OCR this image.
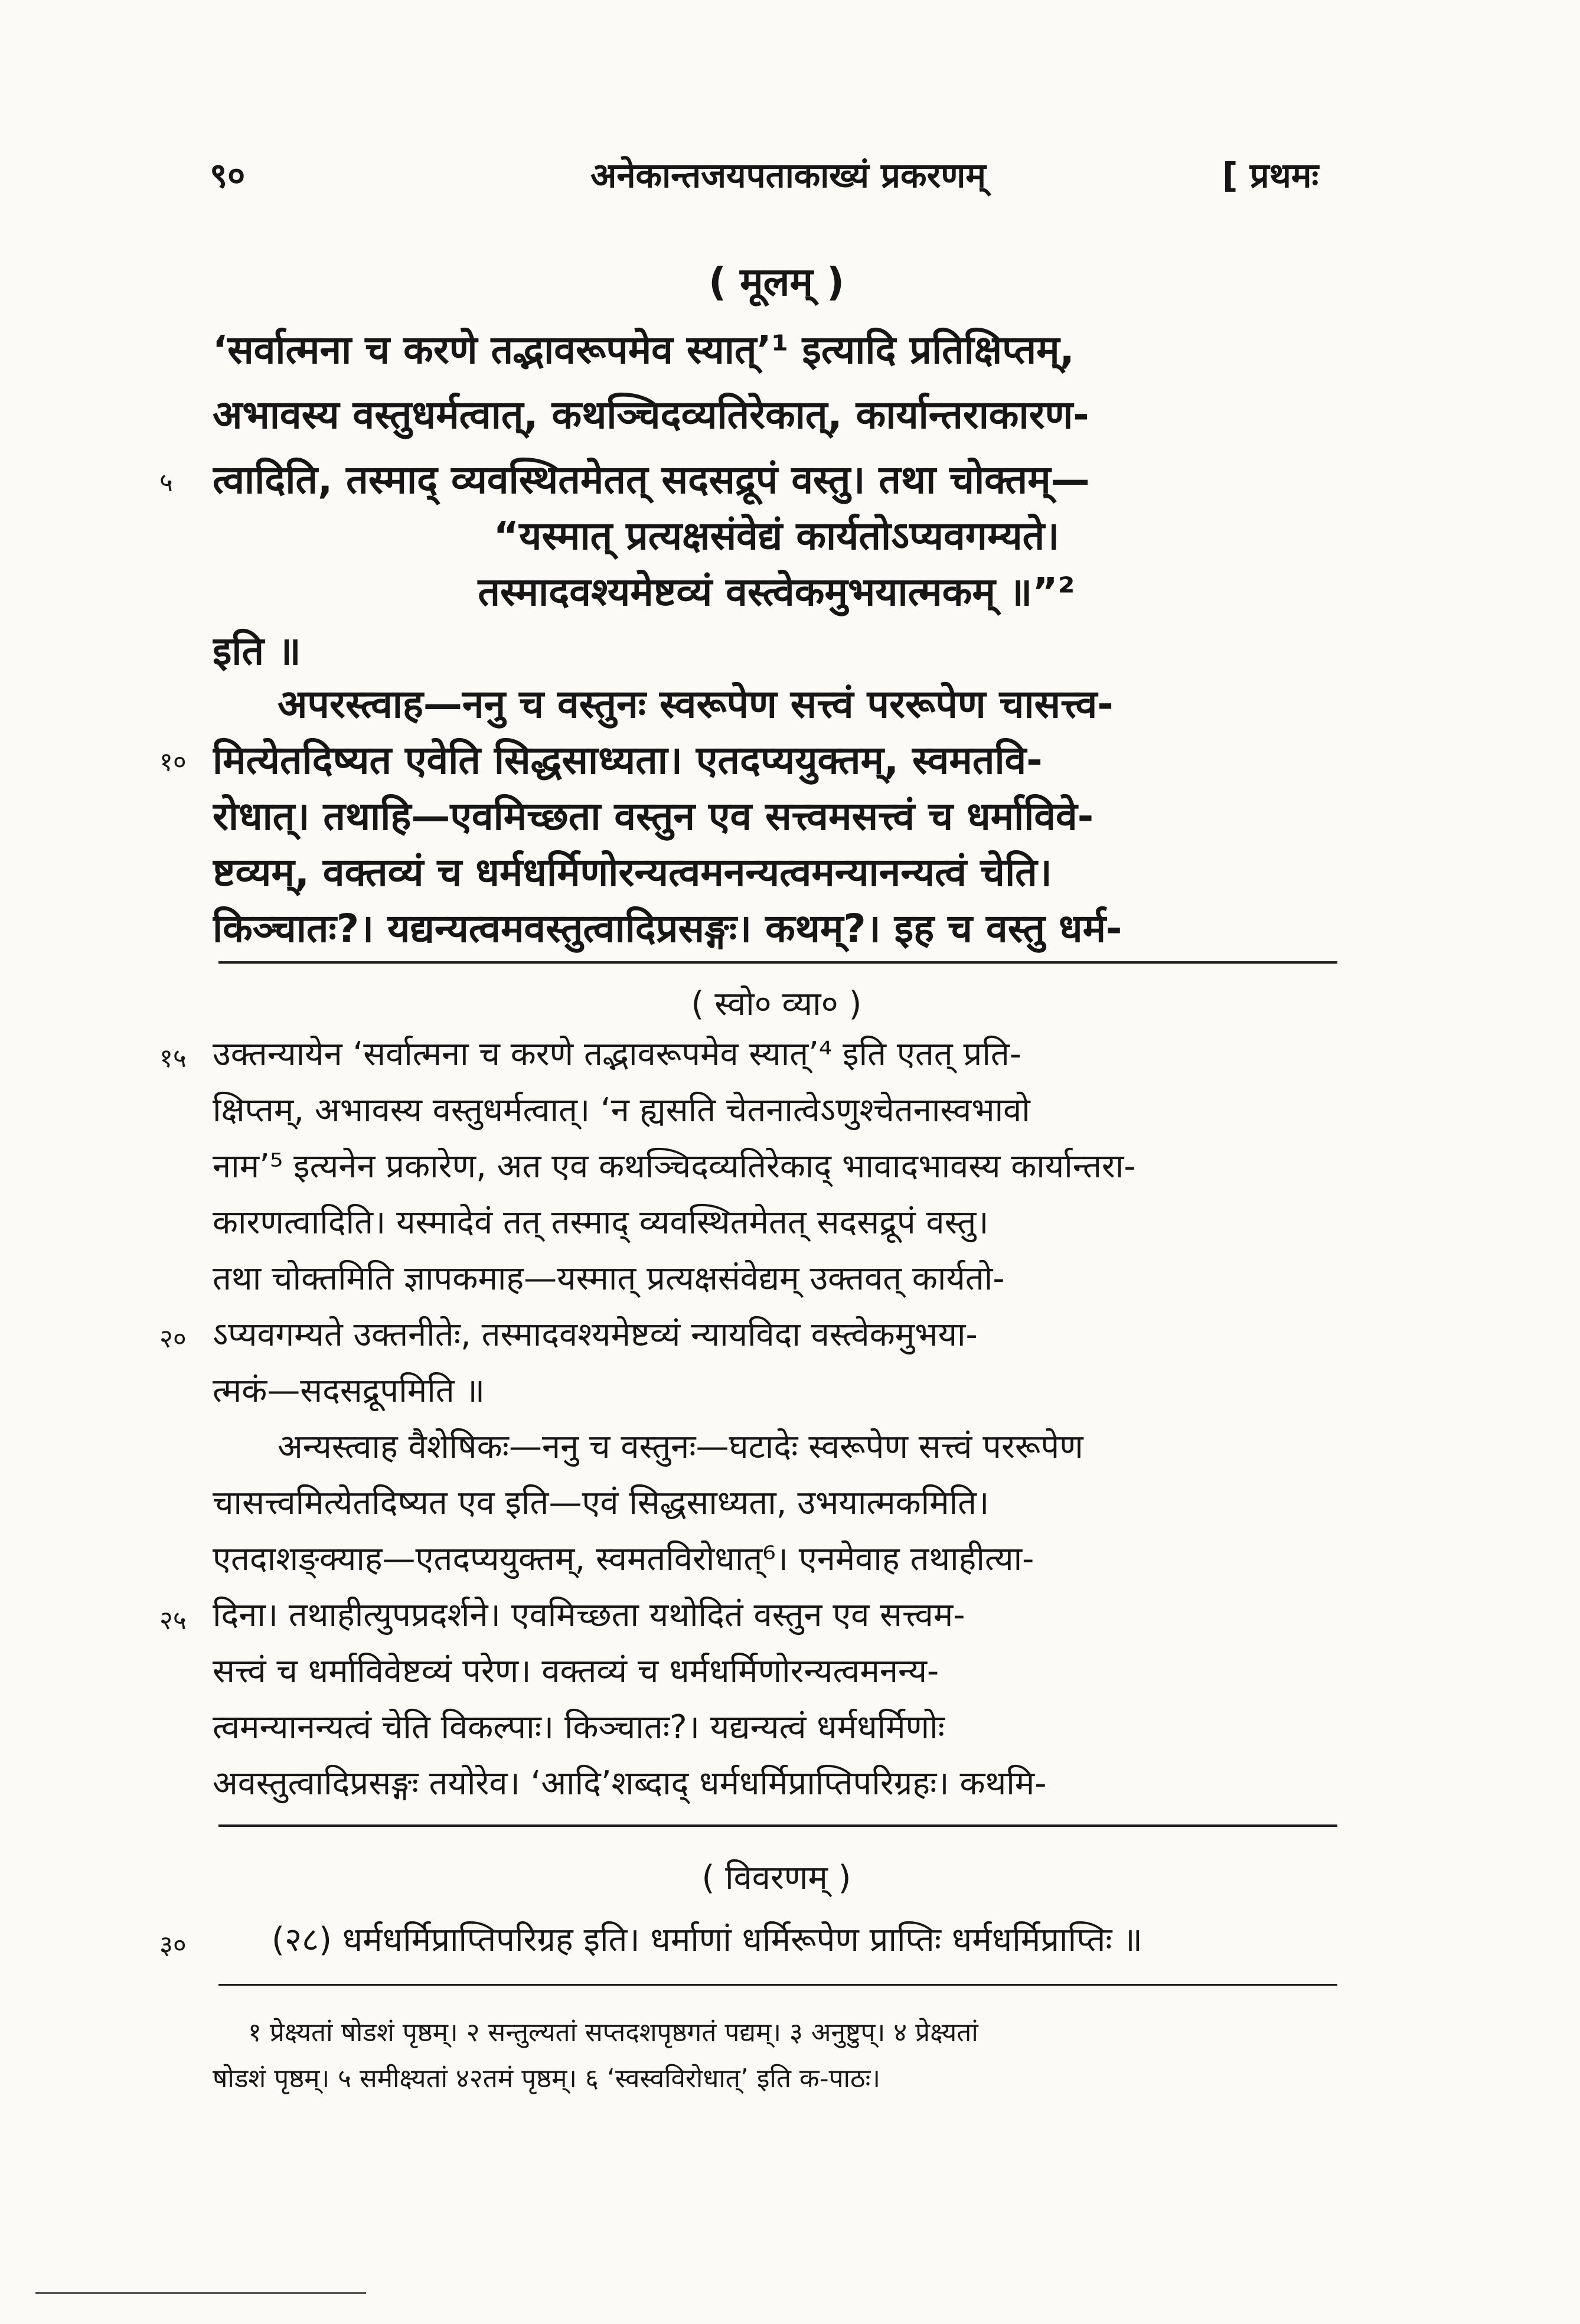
९०	अनेकान्तजयपताकाख्यं प्रकरणम्	[ प्रथमः
( मूलम् )
‘सर्वात्मना च करणे तद्भावरूपमेव स्यात्’¹ इत्यादि प्रतिक्षिप्तम्,
अभावस्य वस्तुधर्मत्वात्, कथञ्चिदव्यतिरेकात्, कार्यान्तराकारण-
त्वादिति, तस्माद् व्यवस्थितमेतत् सदसद्रूपं वस्तु। तथा चोक्तम्—
५
“यस्मात् प्रत्यक्षसंवेद्यं कार्यतोऽप्यवगम्यते।
तस्मादवश्यमेष्टव्यं वस्त्वेकमुभयात्मकम् ॥”²
इति ॥
अपरस्त्वाह—ननु च वस्तुनः स्वरूपेण सत्त्वं पररूपेण चासत्त्व-
मित्येतदिष्यत एवेति सिद्धसाध्यता। एतदप्ययुक्तम्, स्वमतवि-
१०
रोधात्। तथाहि—एवमिच्छता वस्तुन एव सत्त्वमसत्त्वं च धर्माविवे-
ष्टव्यम्, वक्तव्यं च धर्मधर्मिणोरन्यत्वमनन्यत्वमन्यानन्यत्वं चेति।
किञ्चातः?। यद्यन्यत्वमवस्तुत्वादिप्रसङ्गः। कथम्?। इह च वस्तु धर्म-
( स्वो० व्या० )
उक्तन्यायेन ‘सर्वात्मना च करणे तद्भावरूपमेव स्यात्’⁴ इति एतत् प्रति-
१५
क्षिप्तम्, अभावस्य वस्तुधर्मत्वात्। ‘न ह्यसति चेतनात्वेऽणुश्चेतनास्वभावो
नाम’⁵ इत्यनेन प्रकारेण, अत एव कथञ्चिदव्यतिरेकाद् भावादभावस्य कार्यान्तरा-
कारणत्वादिति। यस्मादेवं तत् तस्माद् व्यवस्थितमेतत् सदसद्रूपं वस्तु।
तथा चोक्तमिति ज्ञापकमाह—यस्मात् प्रत्यक्षसंवेद्यम् उक्तवत् कार्यतो-
ऽप्यवगम्यते उक्तनीतेः, तस्मादवश्यमेष्टव्यं न्यायविदा वस्त्वेकमुभया-
२०
त्मकं—सदसद्रूपमिति ॥
अन्यस्त्वाह वैशेषिकः—ननु च वस्तुनः—घटादेः स्वरूपेण सत्त्वं पररूपेण
चासत्त्वमित्येतदिष्यत एव इति—एवं सिद्धसाध्यता, उभयात्मकमिति।
एतदाशङ्क्याह—एतदप्ययुक्तम्, स्वमतविरोधात्⁶। एनमेवाह तथाहीत्या-
दिना। तथाहीत्युपप्रदर्शने। एवमिच्छता यथोदितं वस्तुन एव सत्त्वम-
२५
सत्त्वं च धर्माविवेष्टव्यं परेण। वक्तव्यं च धर्मधर्मिणोरन्यत्वमनन्य-
त्वमन्यानन्यत्वं चेति विकल्पाः। किञ्चातः?। यद्यन्यत्वं धर्मधर्मिणोः
अवस्तुत्वादिप्रसङ्गः तयोरेव। ‘आदि’शब्दाद् धर्मधर्मिप्राप्तिपरिग्रहः। कथमि-
( विवरणम् )
(२८) धर्मधर्मिप्राप्तिपरिग्रह इति। धर्माणां धर्मिरूपेण प्राप्तिः धर्मधर्मिप्राप्तिः ॥
३०
१ प्रेक्ष्यतां षोडशं पृष्ठम्। २ सन्तुल्यतां सप्तदशपृष्ठगतं पद्यम्। ३ अनुष्टुप्। ४ प्रेक्ष्यतां
षोडशं पृष्ठम्। ५ समीक्ष्यतां ४२तमं पृष्ठम्। ६ ‘स्वस्वविरोधात्’ इति क-पाठः।
